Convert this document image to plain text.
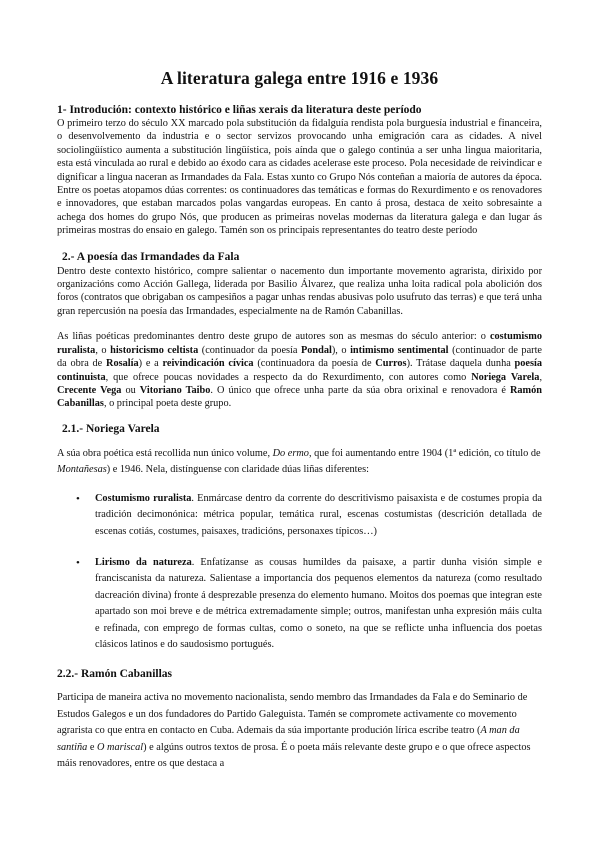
A literatura galega entre 1916 e 1936
1- Introdución: contexto histórico e liñas xerais da literatura deste período

O primeiro terzo do século XX marcado pola substitución da fidalguía rendista pola burguesía industrial e financeira, o desenvolvemento da industria e o sector servizos provocando unha emigración cara as cidades. A nivel sociolingüístico aumenta a substitución lingüística, pois aínda que o galego continúa a ser unha lingua maioritaria, esta está vinculada ao rural e debido ao éxodo cara as cidades acelerase este proceso. Pola necesidade de reivindicar e dignificar a lingua naceran as Irmandades da Fala. Estas xunto co Grupo Nós conteñan a maioría de autores da época. Entre os poetas atopamos dúas correntes: os continuadores das temáticas e formas do Rexurdimento e os renovadores e innovadores, que estaban marcados polas vangardas europeas. En canto á prosa, destaca de xeito sobresainte a achega dos homes do grupo Nós, que producen as primeiras novelas modernas da literatura galega e dan lugar ás primeiras mostras do ensaio en galego. Tamén son os principais representantes do teatro deste período

2.- A poesía das Irmandades da Fala

Dentro deste contexto histórico, compre salientar o nacemento dun importante movemento agrarista, dirixido por organizacións como Acción Gallega, liderada por Basilio Álvarez, que realiza unha loita radical pola abolición dos foros (contratos que obrigaban os campesiños a pagar unhas rendas abusivas polo usufruto das terras) e que terá unha gran repercusión na poesía das Irmandades, especialmente na de Ramón Cabanillas.

As liñas poéticas predominantes dentro deste grupo de autores son as mesmas do século anterior: o costumismo ruralista, o historicismo celtista (continuador da poesía Pondal), o intimismo sentimental (continuador de parte da obra de Rosalía) e a reivindicación cívica (continuadora da poesía de Curros). Trátase daquela dunha poesía continuista, que ofrece poucas novidades a respecto da do Rexurdimento, con autores como Noriega Varela, Crecente Vega ou Vitoriano Taibo. O único que ofrece unha parte da súa obra orixinal e renovadora é Ramón Cabanillas, o principal poeta deste grupo.

2.1.- Noriega Varela

A súa obra poética está recollida nun único volume, Do ermo, que foi aumentando entre 1904 (1ª edición, co título de Montañesas) e 1946. Nela, distínguense con claridade dúas liñas diferentes:

• Costumismo ruralista. Enmárcase dentro da corrente do descritivismo paisaxista e de costumes propia da tradición decimonónica: métrica popular, temática rural, escenas costumistas (descrición detallada de escenas cotiás, costumes, paisaxes, tradicións, personaxes típicos…)
• Lirismo da natureza. Enfatízanse as cousas humildes da paisaxe, a partir dunha visión simple e franciscanista da natureza. Salientase a importancia dos pequenos elementos da natureza (como resultado dacreación divina) fronte á desprezable presenza do elemento humano. Moitos dos poemas que integran este apartado son moi breve e de métrica extremadamente simple; outros, manifestan unha expresión máis culta e refinada, con emprego de formas cultas, como o soneto, na que se reflicte unha influencia dos poetas clásicos latinos e do saudosismo portugués.
2.2.- Ramón Cabanillas

Participa de maneira activa no movemento nacionalista, sendo membro das Irmandades da Fala e do Seminario de Estudos Galegos e un dos fundadores do Partido Galeguista. Tamén se compromete activamente co movemento agrarista co que entra en contacto en Cuba. Ademais da súa importante produción lírica escribe teatro (A man da santiña e O mariscal) e algúns outros textos de prosa. É o poeta máis relevante deste grupo e o que ofrece aspectos máis renovadores, entre os que destaca a
